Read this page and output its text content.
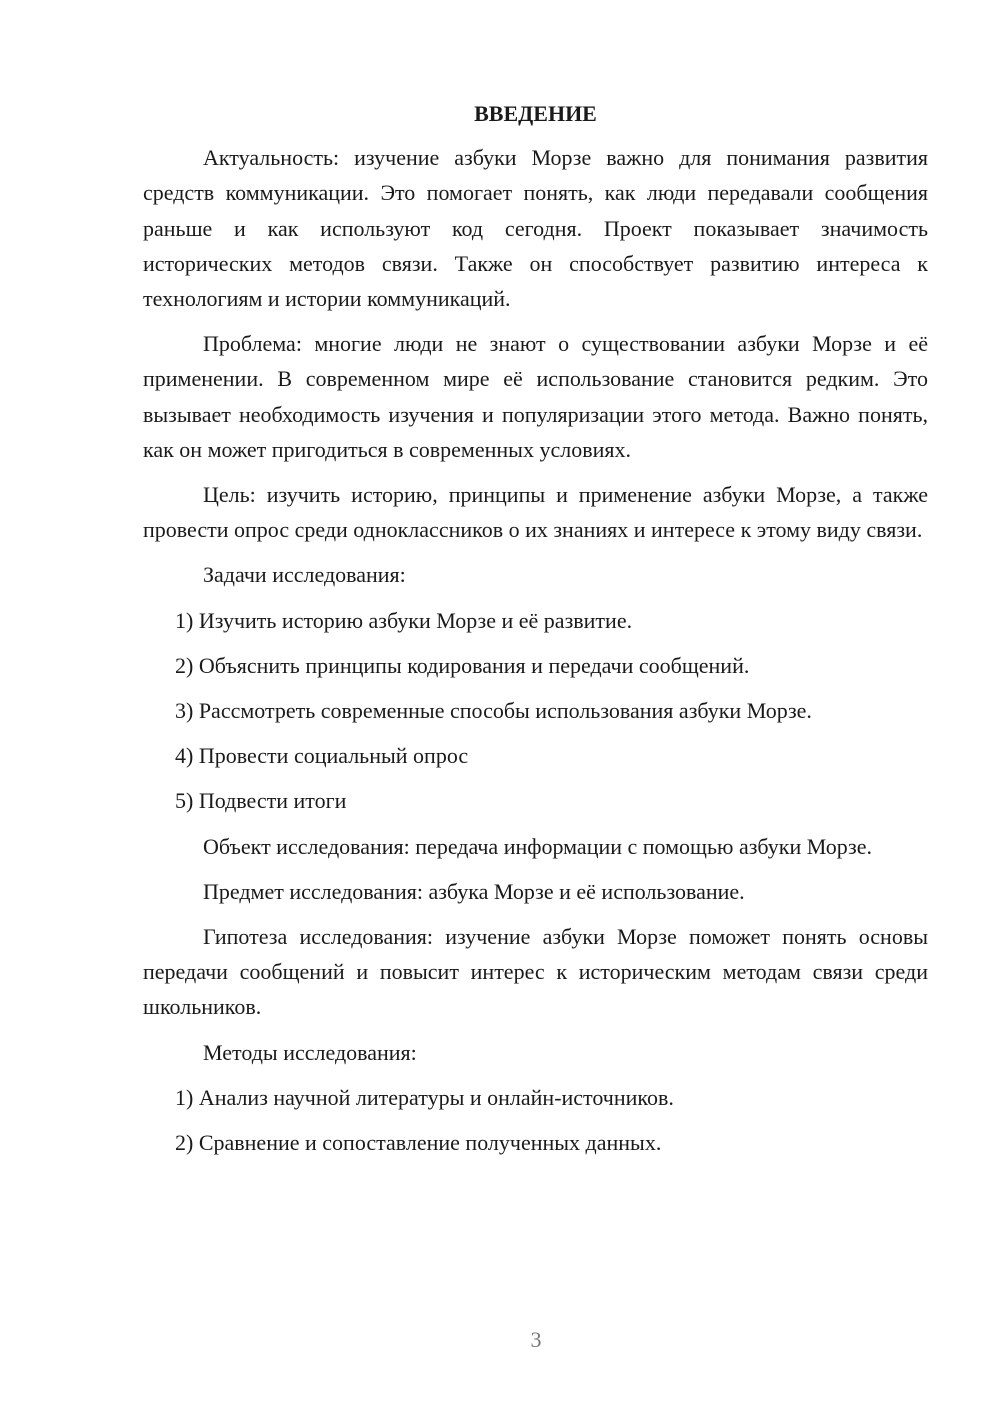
ВВЕДЕНИЕ

Актуальность: изучение азбуки Морзе важно для понимания развития средств коммуникации. Это помогает понять, как люди передавали сообщения раньше и как используют код сегодня. Проект показывает значимость исторических методов связи. Также он способствует развитию интереса к технологиям и истории коммуникаций.

Проблема: многие люди не знают о существовании азбуки Морзе и её применении. В современном мире её использование становится редким. Это вызывает необходимость изучения и популяризации этого метода. Важно понять, как он может пригодиться в современных условиях.

Цель: изучить историю, принципы и применение азбуки Морзе, а также провести опрос среди одноклассников о их знаниях и интересе к этому виду связи.

Задачи исследования:

1) Изучить историю азбуки Морзе и её развитие.

2) Объяснить принципы кодирования и передачи сообщений.

3) Рассмотреть современные способы использования азбуки Морзе.

4) Провести социальный опрос

5) Подвести итоги

Объект исследования: передача информации с помощью азбуки Морзе.

Предмет исследования: азбука Морзе и её использование.

Гипотеза исследования: изучение азбуки Морзе поможет понять основы передачи сообщений и повысит интерес к историческим методам связи среди школьников.

Методы исследования:

1) Анализ научной литературы и онлайн-источников.

2) Сравнение и сопоставление полученных данных.

3
